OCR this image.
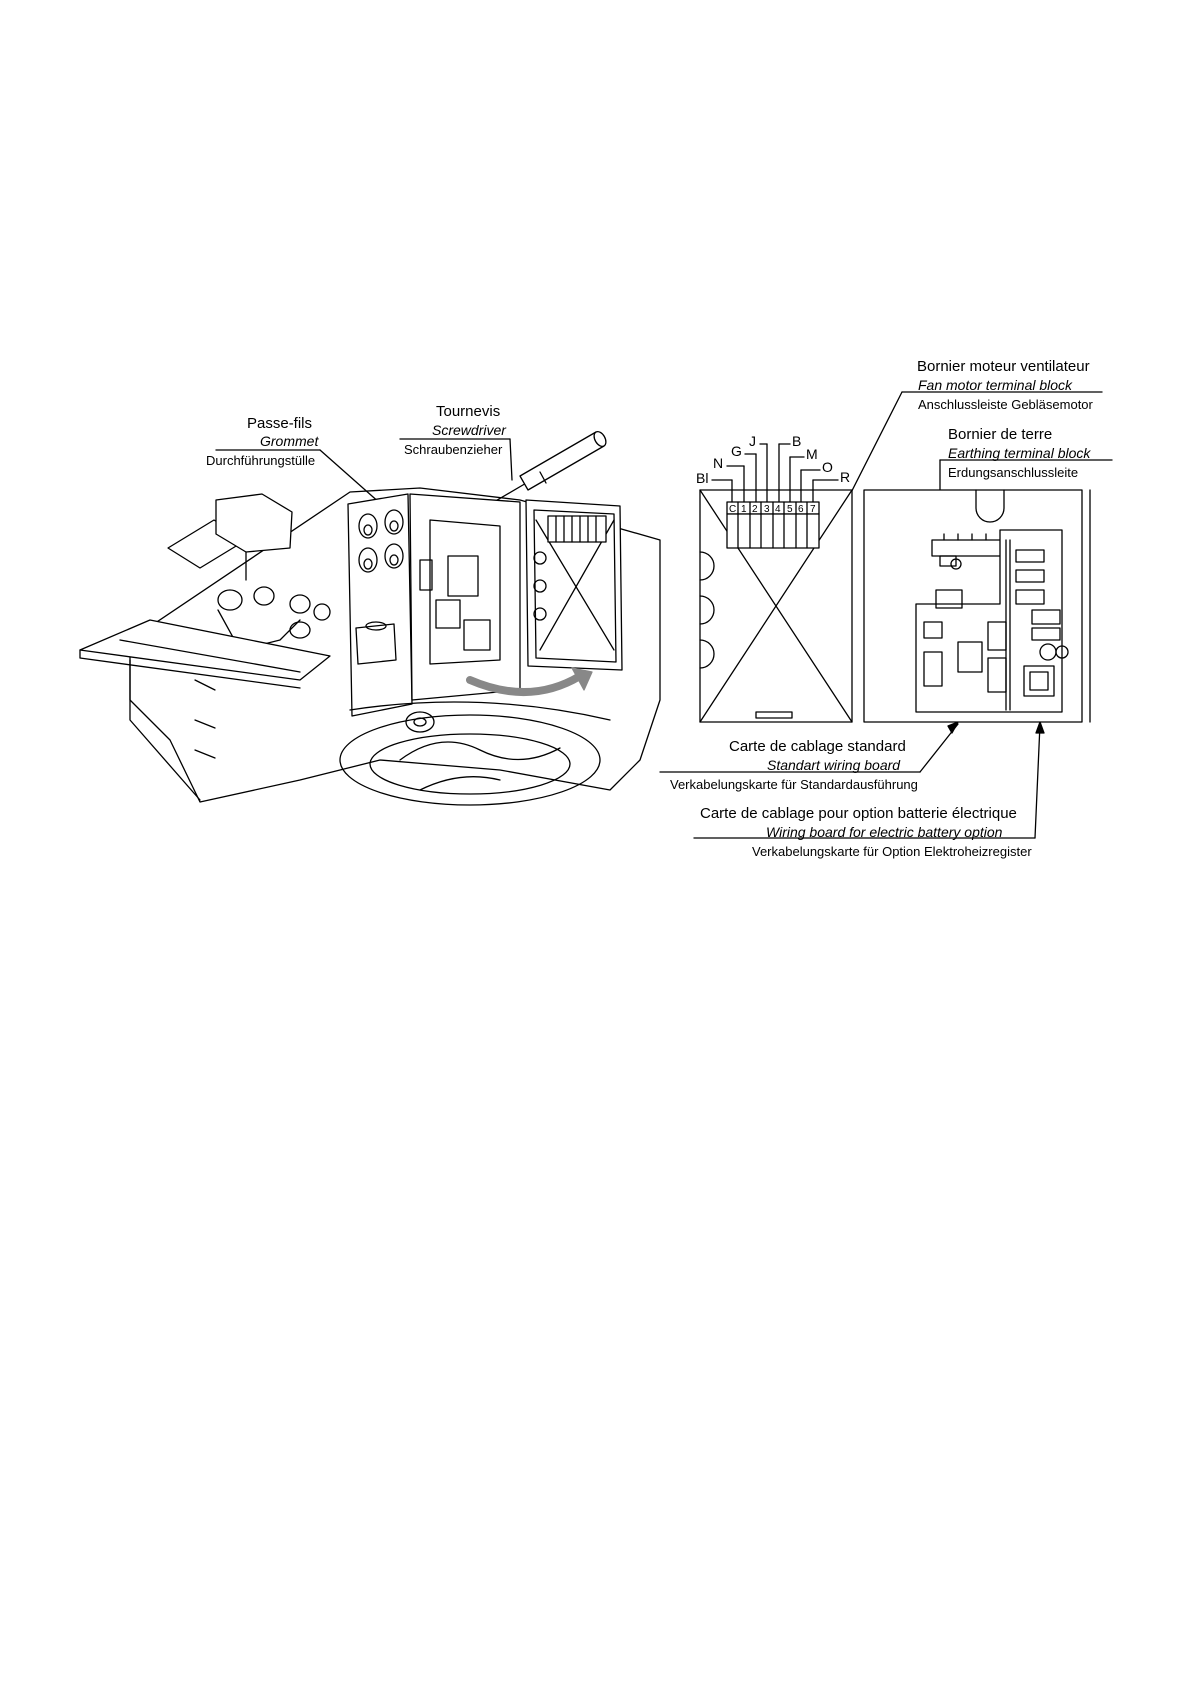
Passe-fils
Grommet
Durchführungstülle
Tournevis
Screwdriver
Schraubenzieher
Bornier moteur ventilateur
Fan motor terminal block
Anschlussleiste Gebläsemotor
Bornier de terre
Earthing terminal block
Erdungsanschlussleite
Carte de cablage standard
Standart wiring board
Verkabelungskarte für Standardausführung
Carte de cablage pour option batterie électrique
Wiring board for electric battery option
Verkabelungskarte für Option Elektroheizregister
Bl
N
G
J	B
M
O
R
C 1 2 3 4 5 6 7
